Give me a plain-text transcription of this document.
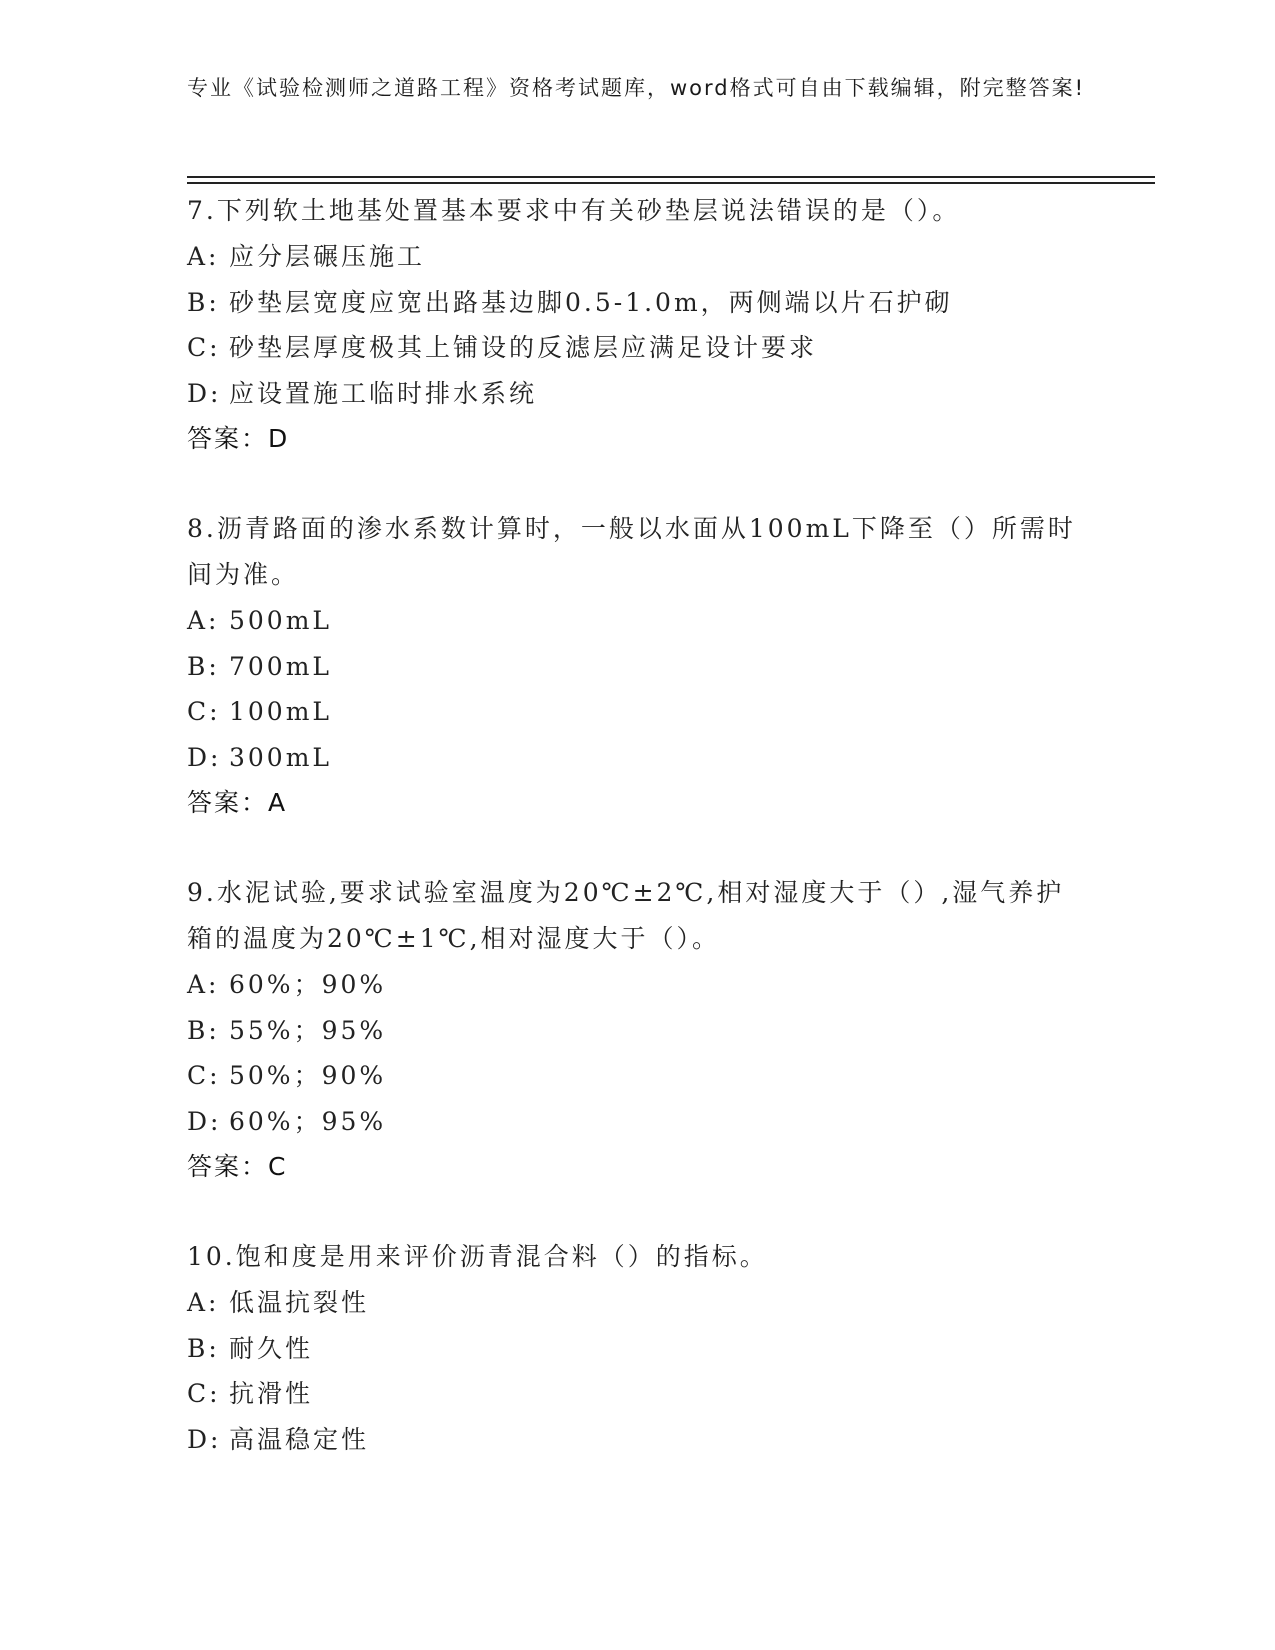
专业《试验检测师之道路工程》资格考试题库，word格式可自由下载编辑，附完整答案!

7.下列软土地基处置基本要求中有关砂垫层说法错误的是（）。

A: 应分层碾压施工

B: 砂垫层宽度应宽出路基边脚0.5-1.0m，两侧端以片石护砌

C: 砂垫层厚度极其上铺设的反滤层应满足设计要求

D: 应设置施工临时排水系统

答案：D

8.沥青路面的渗水系数计算时，一般以水面从100mL下降至（）所需时间为准。

A: 500mL

B: 700mL

C: 100mL

D: 300mL

答案：A

9.水泥试验,要求试验室温度为20℃±2℃,相对湿度大于（）,湿气养护箱的温度为20℃±1℃,相对湿度大于（）。

A: 60%；90%

B: 55%；95%

C: 50%；90%

D: 60%；95%

答案：C

10.饱和度是用来评价沥青混合料（）的指标。

A: 低温抗裂性

B: 耐久性

C: 抗滑性

D: 高温稳定性
